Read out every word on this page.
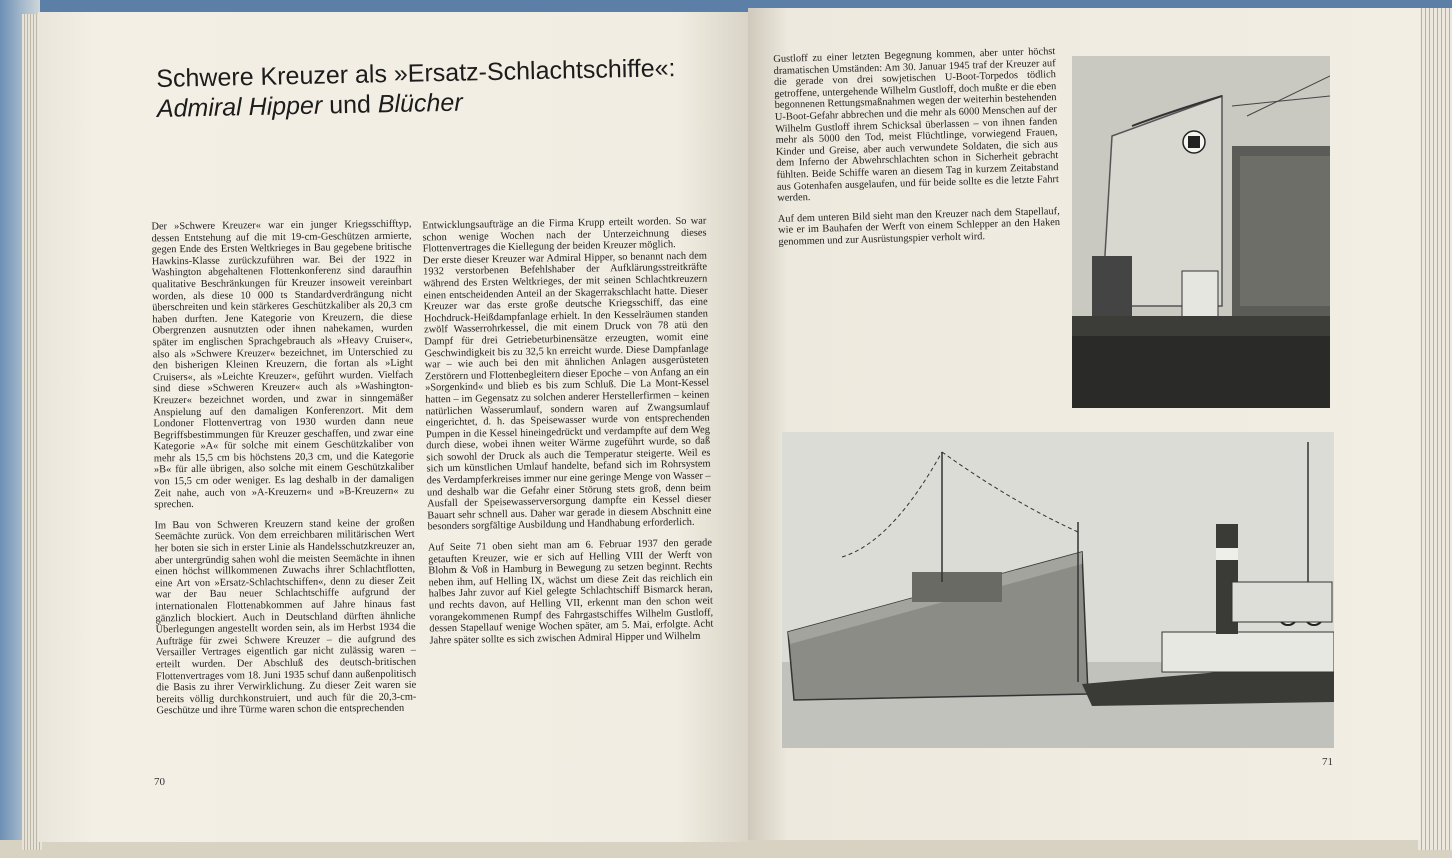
Schwere Kreuzer als »Ersatz-Schlachtschiffe«:
Admiral Hipper und Blücher

Der »Schwere Kreuzer« war ein junger Kriegsschifftyp, dessen Entstehung auf die mit 19-cm-Geschützen armierte, gegen Ende des Ersten Weltkrieges in Bau gegebene britische Hawkins-Klasse zurückzuführen war. Bei der 1922 in Washington abgehaltenen Flottenkonferenz sind daraufhin qualitative Beschränkungen für Kreuzer insoweit vereinbart worden, als diese 10 000 ts Standardverdrängung nicht überschreiten und kein stärkeres Geschützkaliber als 20,3 cm haben durften. Jene Kategorie von Kreuzern, die diese Obergrenzen ausnutzten oder ihnen nahekamen, wurden später im englischen Sprachgebrauch als »Heavy Cruiser«, also als »Schwere Kreuzer« bezeichnet, im Unterschied zu den bisherigen Kleinen Kreuzern, die fortan als »Light Cruisers«, als »Leichte Kreuzer«, geführt wurden. Vielfach sind diese »Schweren Kreuzer« auch als »Washington-Kreuzer« bezeichnet worden, und zwar in sinngemäßer Anspielung auf den damaligen Konferenzort. Mit dem Londoner Flottenvertrag von 1930 wurden dann neue Begriffsbestimmungen für Kreuzer geschaffen, und zwar eine Kategorie »A« für solche mit einem Geschützkaliber von mehr als 15,5 cm bis höchstens 20,3 cm, und die Kategorie »B« für alle übrigen, also solche mit einem Geschützkaliber von 15,5 cm oder weniger. Es lag deshalb in der damaligen Zeit nahe, auch von »A-Kreuzern« und »B-Kreuzern« zu sprechen.

Im Bau von Schweren Kreuzern stand keine der großen Seemächte zurück. Von dem erreichbaren militärischen Wert her boten sie sich in erster Linie als Handelsschutzkreuzer an, aber untergründig sahen wohl die meisten Seemächte in ihnen einen höchst willkommenen Zuwachs ihrer Schlachtflotten, eine Art von »Ersatz-Schlachtschiffen«, denn zu dieser Zeit war der Bau neuer Schlachtschiffe aufgrund der internationalen Flottenabkommen auf Jahre hinaus fast gänzlich blockiert. Auch in Deutschland dürften ähnliche Überlegungen angestellt worden sein, als im Herbst 1934 die Aufträge für zwei Schwere Kreuzer – die aufgrund des Versailler Vertrages eigentlich gar nicht zulässig waren – erteilt wurden. Der Abschluß des deutsch-britischen Flottenvertrages vom 18. Juni 1935 schuf dann außenpolitisch die Basis zu ihrer Verwirklichung. Zu dieser Zeit waren sie bereits völlig durchkonstruiert, und auch für die 20,3-cm-Geschütze und ihre Türme waren schon die entsprechenden

Entwicklungsaufträge an die Firma Krupp erteilt worden. So war schon wenige Wochen nach der Unterzeichnung dieses Flottenvertrages die Kiellegung der beiden Kreuzer möglich.

Der erste dieser Kreuzer war Admiral Hipper, so benannt nach dem 1932 verstorbenen Befehlshaber der Aufklärungsstreitkräfte während des Ersten Weltkrieges, der mit seinen Schlachtkreuzern einen entscheidenden Anteil an der Skagerrakschlacht hatte. Dieser Kreuzer war das erste große deutsche Kriegsschiff, das eine Hochdruck-Heißdampfanlage erhielt. In den Kesselräumen standen zwölf Wasserrohrkessel, die mit einem Druck von 78 atü den Dampf für drei Getriebeturbinensätze erzeugten, womit eine Geschwindigkeit bis zu 32,5 kn erreicht wurde. Diese Dampfanlage war – wie auch bei den mit ähnlichen Anlagen ausgerüsteten Zerstörern und Flottenbegleitern dieser Epoche – von Anfang an ein »Sorgenkind« und blieb es bis zum Schluß. Die La Mont-Kessel hatten – im Gegensatz zu solchen anderer Herstellerfirmen – keinen natürlichen Wasserumlauf, sondern waren auf Zwangsumlauf eingerichtet, d. h. das Speisewasser wurde von entsprechenden Pumpen in die Kessel hineingedrückt und verdampfte auf dem Weg durch diese, wobei ihnen weiter Wärme zugeführt wurde, so daß sich sowohl der Druck als auch die Temperatur steigerte. Weil es sich um künstlichen Umlauf handelte, befand sich im Rohrsystem des Verdampferkreises immer nur eine geringe Menge von Wasser – und deshalb war die Gefahr einer Störung stets groß, denn beim Ausfall der Speisewasserversorgung dampfte ein Kessel dieser Bauart sehr schnell aus. Daher war gerade in diesem Abschnitt eine besonders sorgfältige Ausbildung und Handhabung erforderlich.

Auf Seite 71 oben sieht man am 6. Februar 1937 den gerade getauften Kreuzer, wie er sich auf Helling VIII der Werft von Blohm & Voß in Hamburg in Bewegung zu setzen beginnt. Rechts neben ihm, auf Helling IX, wächst um diese Zeit das reichlich ein halbes Jahr zuvor auf Kiel gelegte Schlachtschiff Bismarck heran, und rechts davon, auf Helling VII, erkennt man den schon weit vorangekommenen Rumpf des Fahrgastschiffes Wilhelm Gustloff, dessen Stapellauf wenige Wochen später, am 5. Mai, erfolgte. Acht Jahre später sollte es sich zwischen Admiral Hipper und Wilhelm

70

Gustloff zu einer letzten Begegnung kommen, aber unter höchst dramatischen Umständen: Am 30. Januar 1945 traf der Kreuzer auf die gerade von drei sowjetischen U-Boot-Torpedos tödlich getroffene, untergehende Wilhelm Gustloff, doch mußte er die eben begonnenen Rettungsmaßnahmen wegen der weiterhin bestehenden U-Boot-Gefahr abbrechen und die mehr als 6000 Menschen auf der Wilhelm Gustloff ihrem Schicksal überlassen – von ihnen fanden mehr als 5000 den Tod, meist Flüchtlinge, vorwiegend Frauen, Kinder und Greise, aber auch verwundete Soldaten, die sich aus dem Inferno der Abwehrschlachten schon in Sicherheit gebracht fühlten. Beide Schiffe waren an diesem Tag in kurzem Zeitabstand aus Gotenhafen ausgelaufen, und für beide sollte es die letzte Fahrt werden.

Auf dem unteren Bild sieht man den Kreuzer nach dem Stapellauf, wie er im Bauhafen der Werft von einem Schlepper an den Haken genommen und zur Ausrüstungspier verholt wird.

71
